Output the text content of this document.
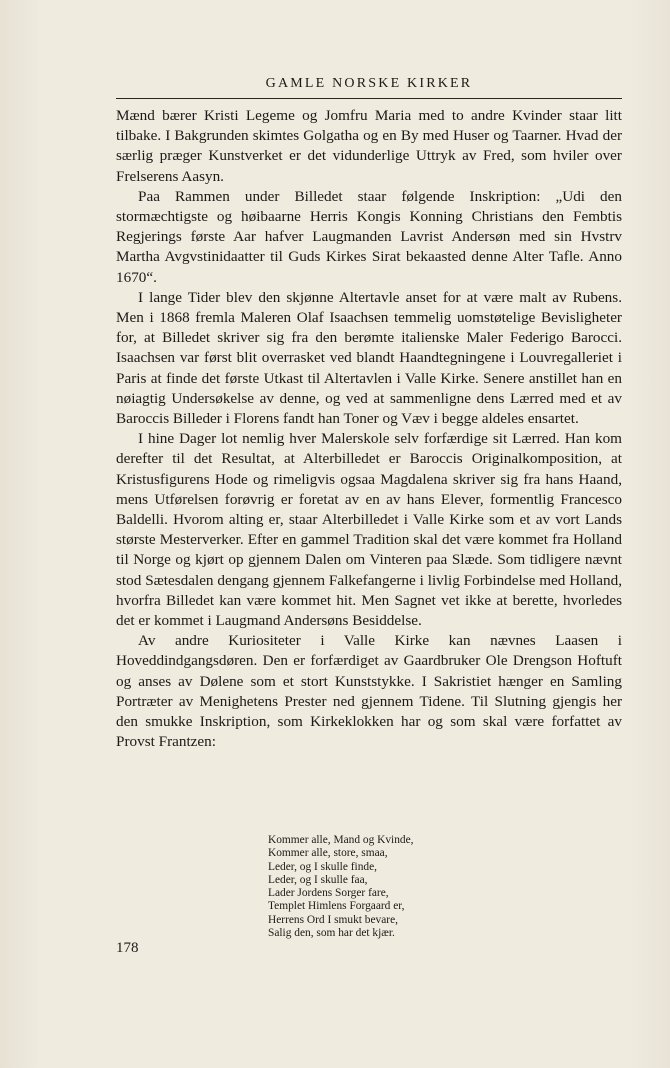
GAMLE NORSKE KIRKER

Mænd bærer Kristi Legeme og Jomfru Maria med to andre Kvinder staar litt tilbake. I Bakgrunden skimtes Golgatha og en By med Huser og Taarner. Hvad der særlig præger Kunstverket er det vidunderlige Uttryk av Fred, som hviler over Frelserens Aasyn.

Paa Rammen under Billedet staar følgende Inskription: „Udi den stormæchtigste og høibaarne Herris Kongis Konning Christians den Fembtis Regjerings første Aar hafver Laugmanden Lavrist Andersøn med sin Hvstrv Martha Avgvstinidaatter til Guds Kirkes Sirat bekaasted denne Alter Tafle. Anno 1670“.

I lange Tider blev den skjønne Altertavle anset for at være malt av Rubens. Men i 1868 fremla Maleren Olaf Isaachsen temmelig uomstøtelige Bevisligheter for, at Billedet skriver sig fra den berømte italienske Maler Federigo Barocci. Isaachsen var først blit overrasket ved blandt Haandtegningene i Louvregalleriet i Paris at finde det første Utkast til Altertavlen i Valle Kirke. Senere anstillet han en nøiagtig Undersøkelse av denne, og ved at sammenligne dens Lærred med et av Baroccis Billeder i Florens fandt han Toner og Væv i begge aldeles ensartet.

I hine Dager lot nemlig hver Malerskole selv forfærdige sit Lærred. Han kom derefter til det Resultat, at Alterbilledet er Baroccis Originalkomposition, at Kristusfigurens Hode og rimeligvis ogsaa Magdalena skriver sig fra hans Haand, mens Utførelsen forøvrig er foretat av en av hans Elever, formentlig Francesco Baldelli. Hvorom alting er, staar Alterbilledet i Valle Kirke som et av vort Lands største Mesterverker. Efter en gammel Tradition skal det være kommet fra Holland til Norge og kjørt op gjennem Dalen om Vinteren paa Slæde. Som tidligere nævnt stod Sætesdalen dengang gjennem Falkefangerne i livlig Forbindelse med Holland, hvorfra Billedet kan være kommet hit. Men Sagnet vet ikke at berette, hvorledes det er kommet i Laugmand Andersøns Besiddelse.

Av andre Kuriositeter i Valle Kirke kan nævnes Laasen i Hoveddindgangsdøren. Den er forfærdiget av Gaardbruker Ole Drengson Hoftuft og anses av Dølene som et stort Kunststykke. I Sakristiet hænger en Samling Portræter av Menighetens Prester ned gjennem Tidene. Til Slutning gjengis her den smukke Inskription, som Kirkeklokken har og som skal være forfattet av Provst Frantzen:

Kommer alle, Mand og Kvinde,
Kommer alle, store, smaa,
Leder, og I skulle finde,
Leder, og I skulle faa,
Lader Jordens Sorger fare,
Templet Himlens Forgaard er,
Herrens Ord I smukt bevare,
Salig den, som har det kjær.
178
